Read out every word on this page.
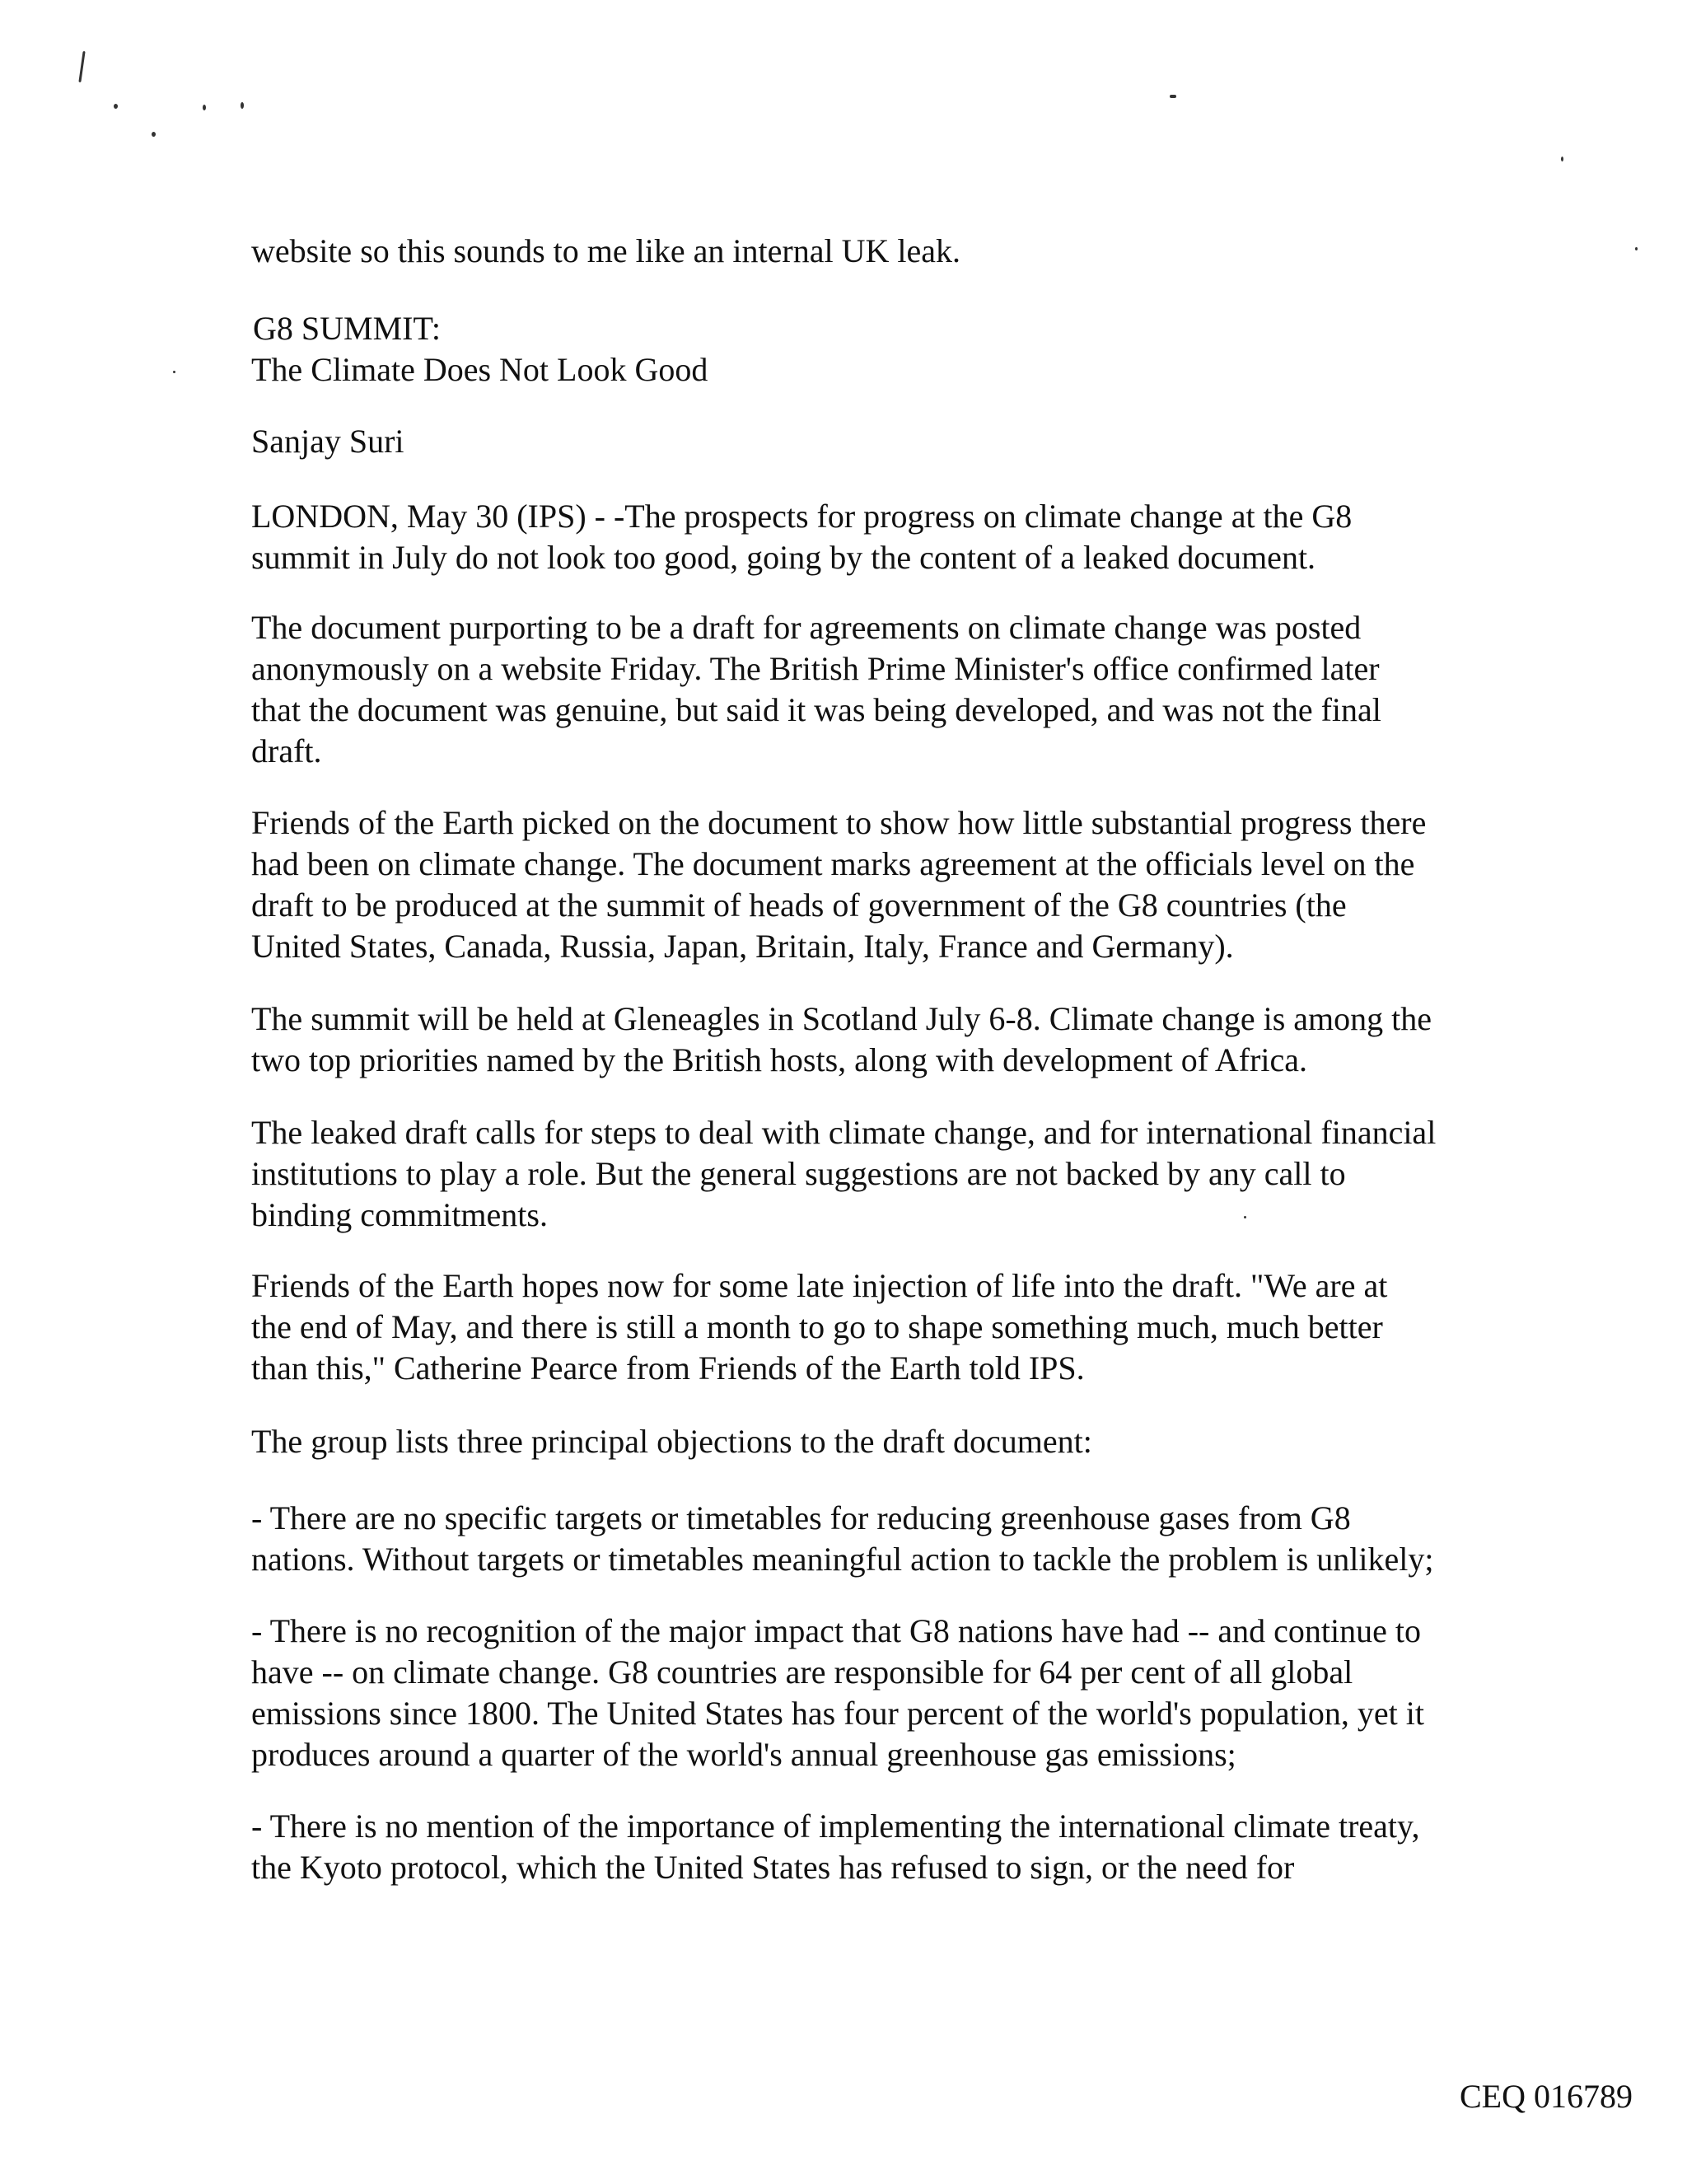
website so this sounds to me like an internal UK leak.

G8 SUMMIT:
The Climate Does Not Look Good

Sanjay Suri

LONDON, May 30 (IPS) - -The prospects for progress on climate change at the G8
summit in July do not look too good, going by the content of a leaked document.

The document purporting to be a draft for agreements on climate change was posted
anonymously on a website Friday. The British Prime Minister's office confirmed later
that the document was genuine, but said it was being developed, and was not the final
draft.

Friends of the Earth picked on the document to show how little substantial progress there
had been on climate change. The document marks agreement at the officials level on the
draft to be produced at the summit of heads of government of the G8 countries (the
United States, Canada, Russia, Japan, Britain, Italy, France and Germany).

The summit will be held at Gleneagles in Scotland July 6-8. Climate change is among the
two top priorities named by the British hosts, along with development of Africa.

The leaked draft calls for steps to deal with climate change, and for international financial
institutions to play a role. But the general suggestions are not backed by any call to
binding commitments.

Friends of the Earth hopes now for some late injection of life into the draft. "We are at
the end of May, and there is still a month to go to shape something much, much better
than this," Catherine Pearce from Friends of the Earth told IPS.

The group lists three principal objections to the draft document:

- There are no specific targets or timetables for reducing greenhouse gases from G8
nations. Without targets or timetables meaningful action to tackle the problem is unlikely;

- There is no recognition of the major impact that G8 nations have had -- and continue to
have -- on climate change. G8 countries are responsible for 64 per cent of all global
emissions since 1800. The United States has four percent of the world's population, yet it
produces around a quarter of the world's annual greenhouse gas emissions;

- There is no mention of the importance of implementing the international climate treaty,
the Kyoto protocol, which the United States has refused to sign, or the need for

CEQ 016789
